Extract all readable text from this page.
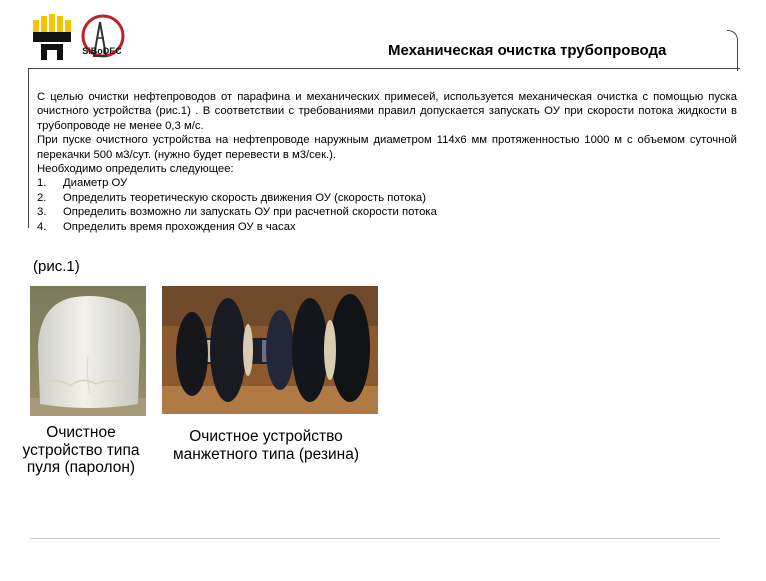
SiBoDEC	Механическая очистка трубопровода

С целью очистки нефтепроводов от парафина и механических примесей, используется механическая очистка с помощью пуска очистного устройства (рис.1) . В соответствии с требованиями правил допускается запускать ОУ при скорости потока жидкости в трубопроводе не менее 0,3 м/с.

При пуске очистного устройства на нефтепроводе наружным диаметром 114х6 мм протяженностью 1000 м с объемом суточной перекачки 500 м3/сут. (нужно будет перевести в м3/сек.).

Необходимо определить следующее:

1.	Диаметр ОУ
2.	Определить теоретическую скорость движения ОУ (скорость потока)
3.	Определить возможно ли запускать ОУ при расчетной скорости потока
4.	Определить время прохождения ОУ в часах
(рис.1)
Очистное устройство типа пуля (паролон)
Очистное устройство манжетного типа (резина)
